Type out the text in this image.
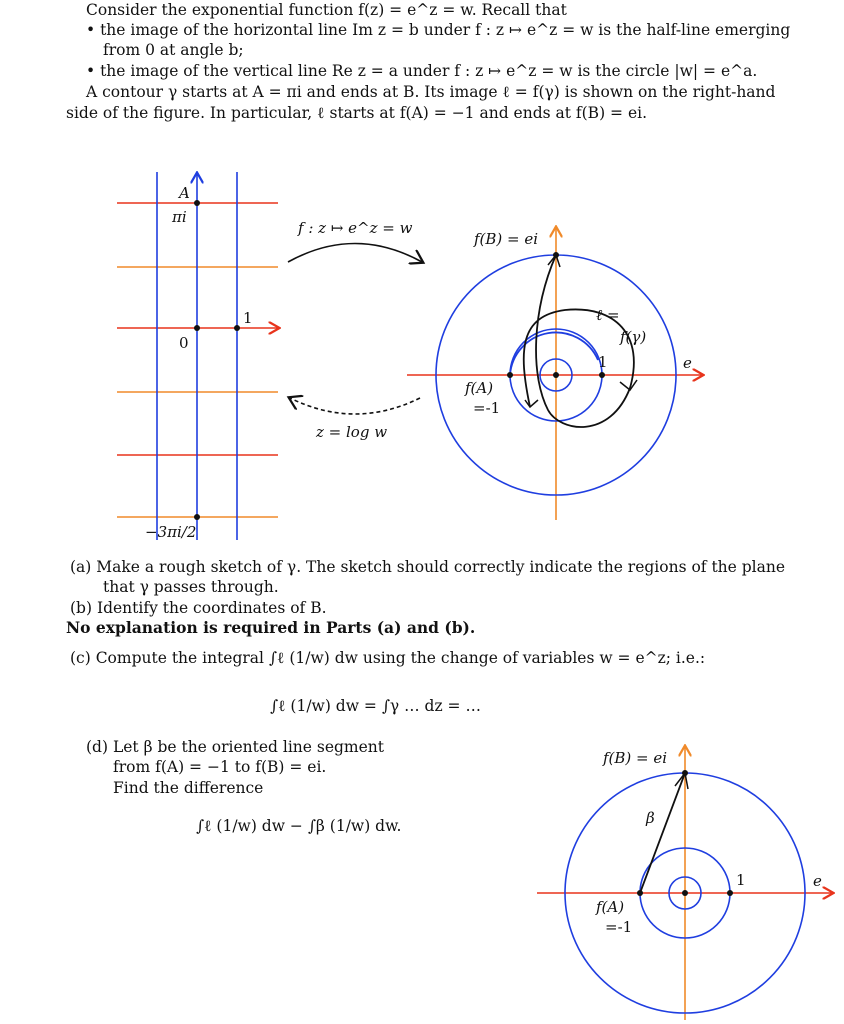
Consider the exponential function f(z) = e^z = w. Recall that
• the image of the horizontal line Im z = b under f : z ↦ e^z = w is the half-line emerging
from 0 at angle b;
• the image of the vertical line Re z = a under f : z ↦ e^z = w is the circle |w| = e^a.
A contour γ starts at A = πi and ends at B. Its image ℓ = f(γ) is shown on the right-hand
side of the figure. In particular, ℓ starts at f(A) = −1 and ends at f(B) = ei.
A
πi
0
1
−3πi/2
f : z ↦ e^z = w
z = log w
f(B) = ei
ℓ =
f(γ)
1	e
f(A)
=-1
f(B) = ei
β
1	e
f(A)
=-1
(a) Make a rough sketch of γ. The sketch should correctly indicate the regions of the plane
that γ passes through.
(b) Identify the coordinates of B.
No explanation is required in Parts (a) and (b).
(c) Compute the integral ∫ℓ (1/w) dw using the change of variables w = e^z; i.e.:
∫ℓ (1/w) dw = ∫γ … dz = …
(d) Let β be the oriented line segment
from f(A) = −1 to f(B) = ei.
Find the difference
∫ℓ (1/w) dw − ∫β (1/w) dw.
